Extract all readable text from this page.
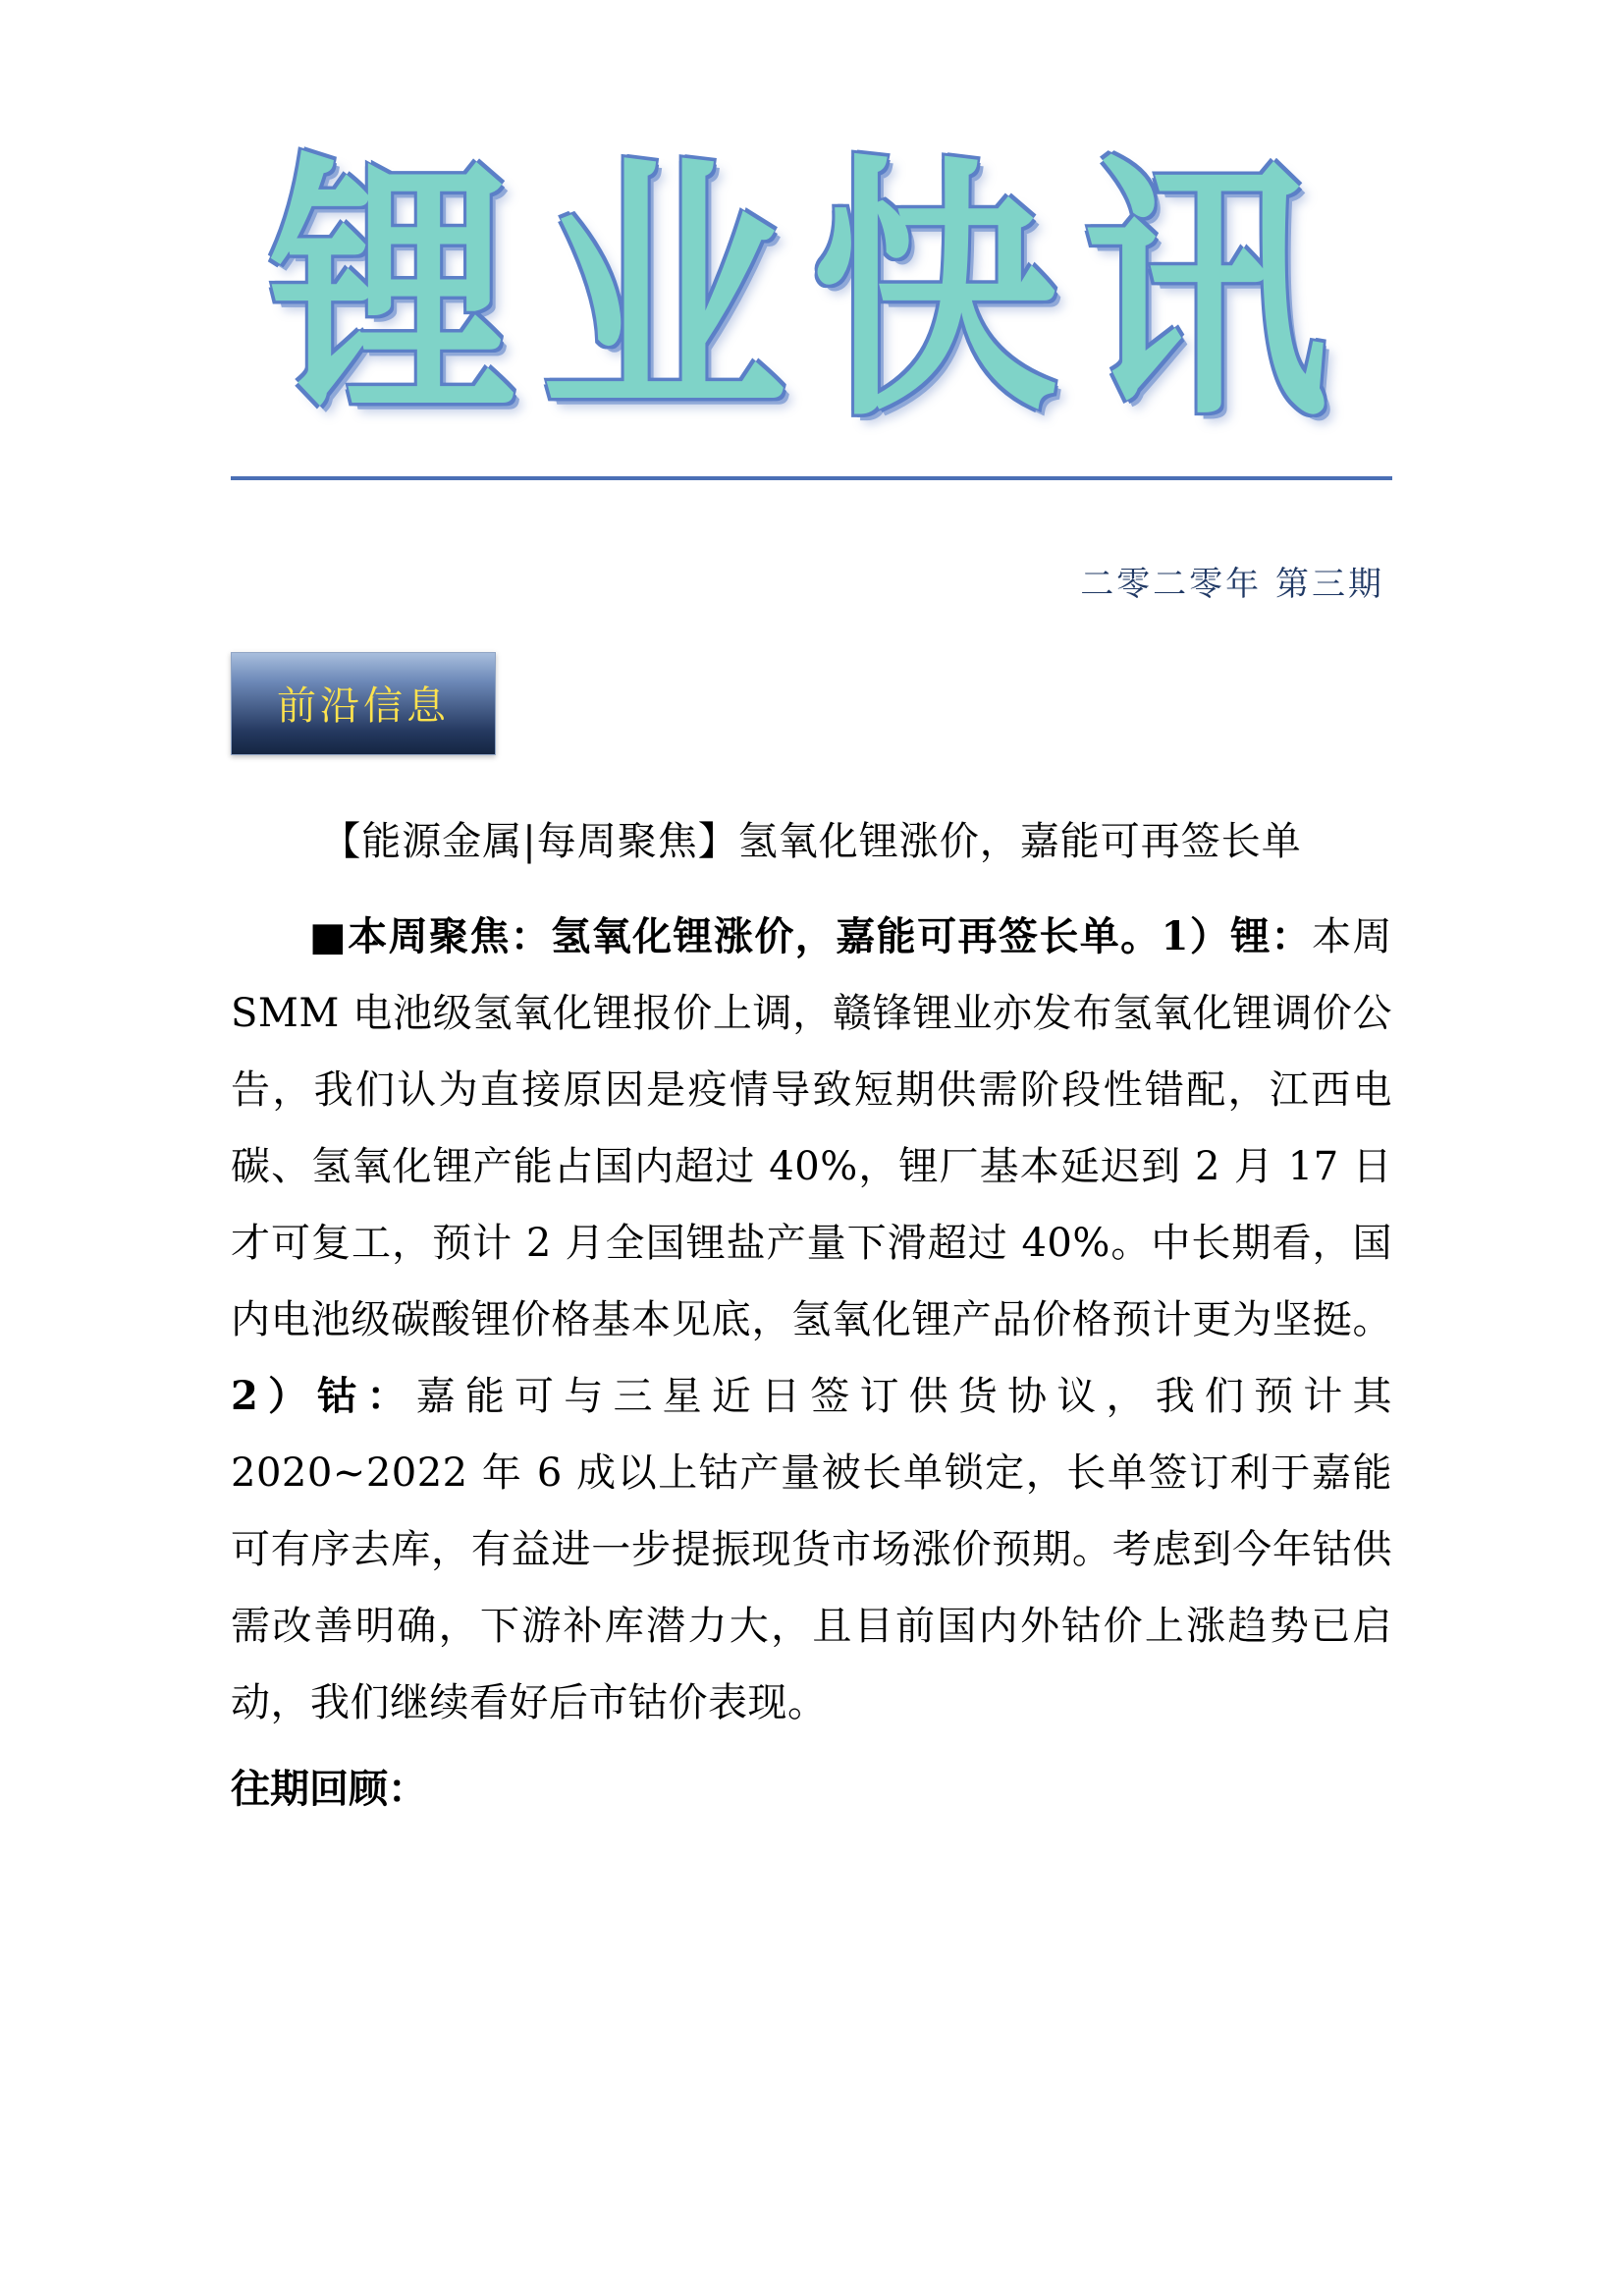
锂业快讯
二零二零年 第三期
前沿信息
【能源金属|每周聚焦】氢氧化锂涨价，嘉能可再签长单

■本周聚焦：氢氧化锂涨价，嘉能可再签长单。1）锂：本周 SMM 电池级氢氧化锂报价上调，赣锋锂业亦发布氢氧化锂调价公告，我们认为直接原因是疫情导致短期供需阶段性错配，江西电碳、氢氧化锂产能占国内超过 40%，锂厂基本延迟到 2 月 17 日才可复工，预计 2 月全国锂盐产量下滑超过 40%。中长期看，国内电池级碳酸锂价格基本见底，氢氧化锂产品价格预计更为坚挺。2）钴：嘉能可与三星近日签订供货协议，我们预计其 2020~2022 年 6 成以上钴产量被长单锁定，长单签订利于嘉能可有序去库，有益进一步提振现货市场涨价预期。考虑到今年钴供需改善明确，下游补库潜力大，且目前国内外钴价上涨趋势已启动，我们继续看好后市钴价表现。

往期回顾：
